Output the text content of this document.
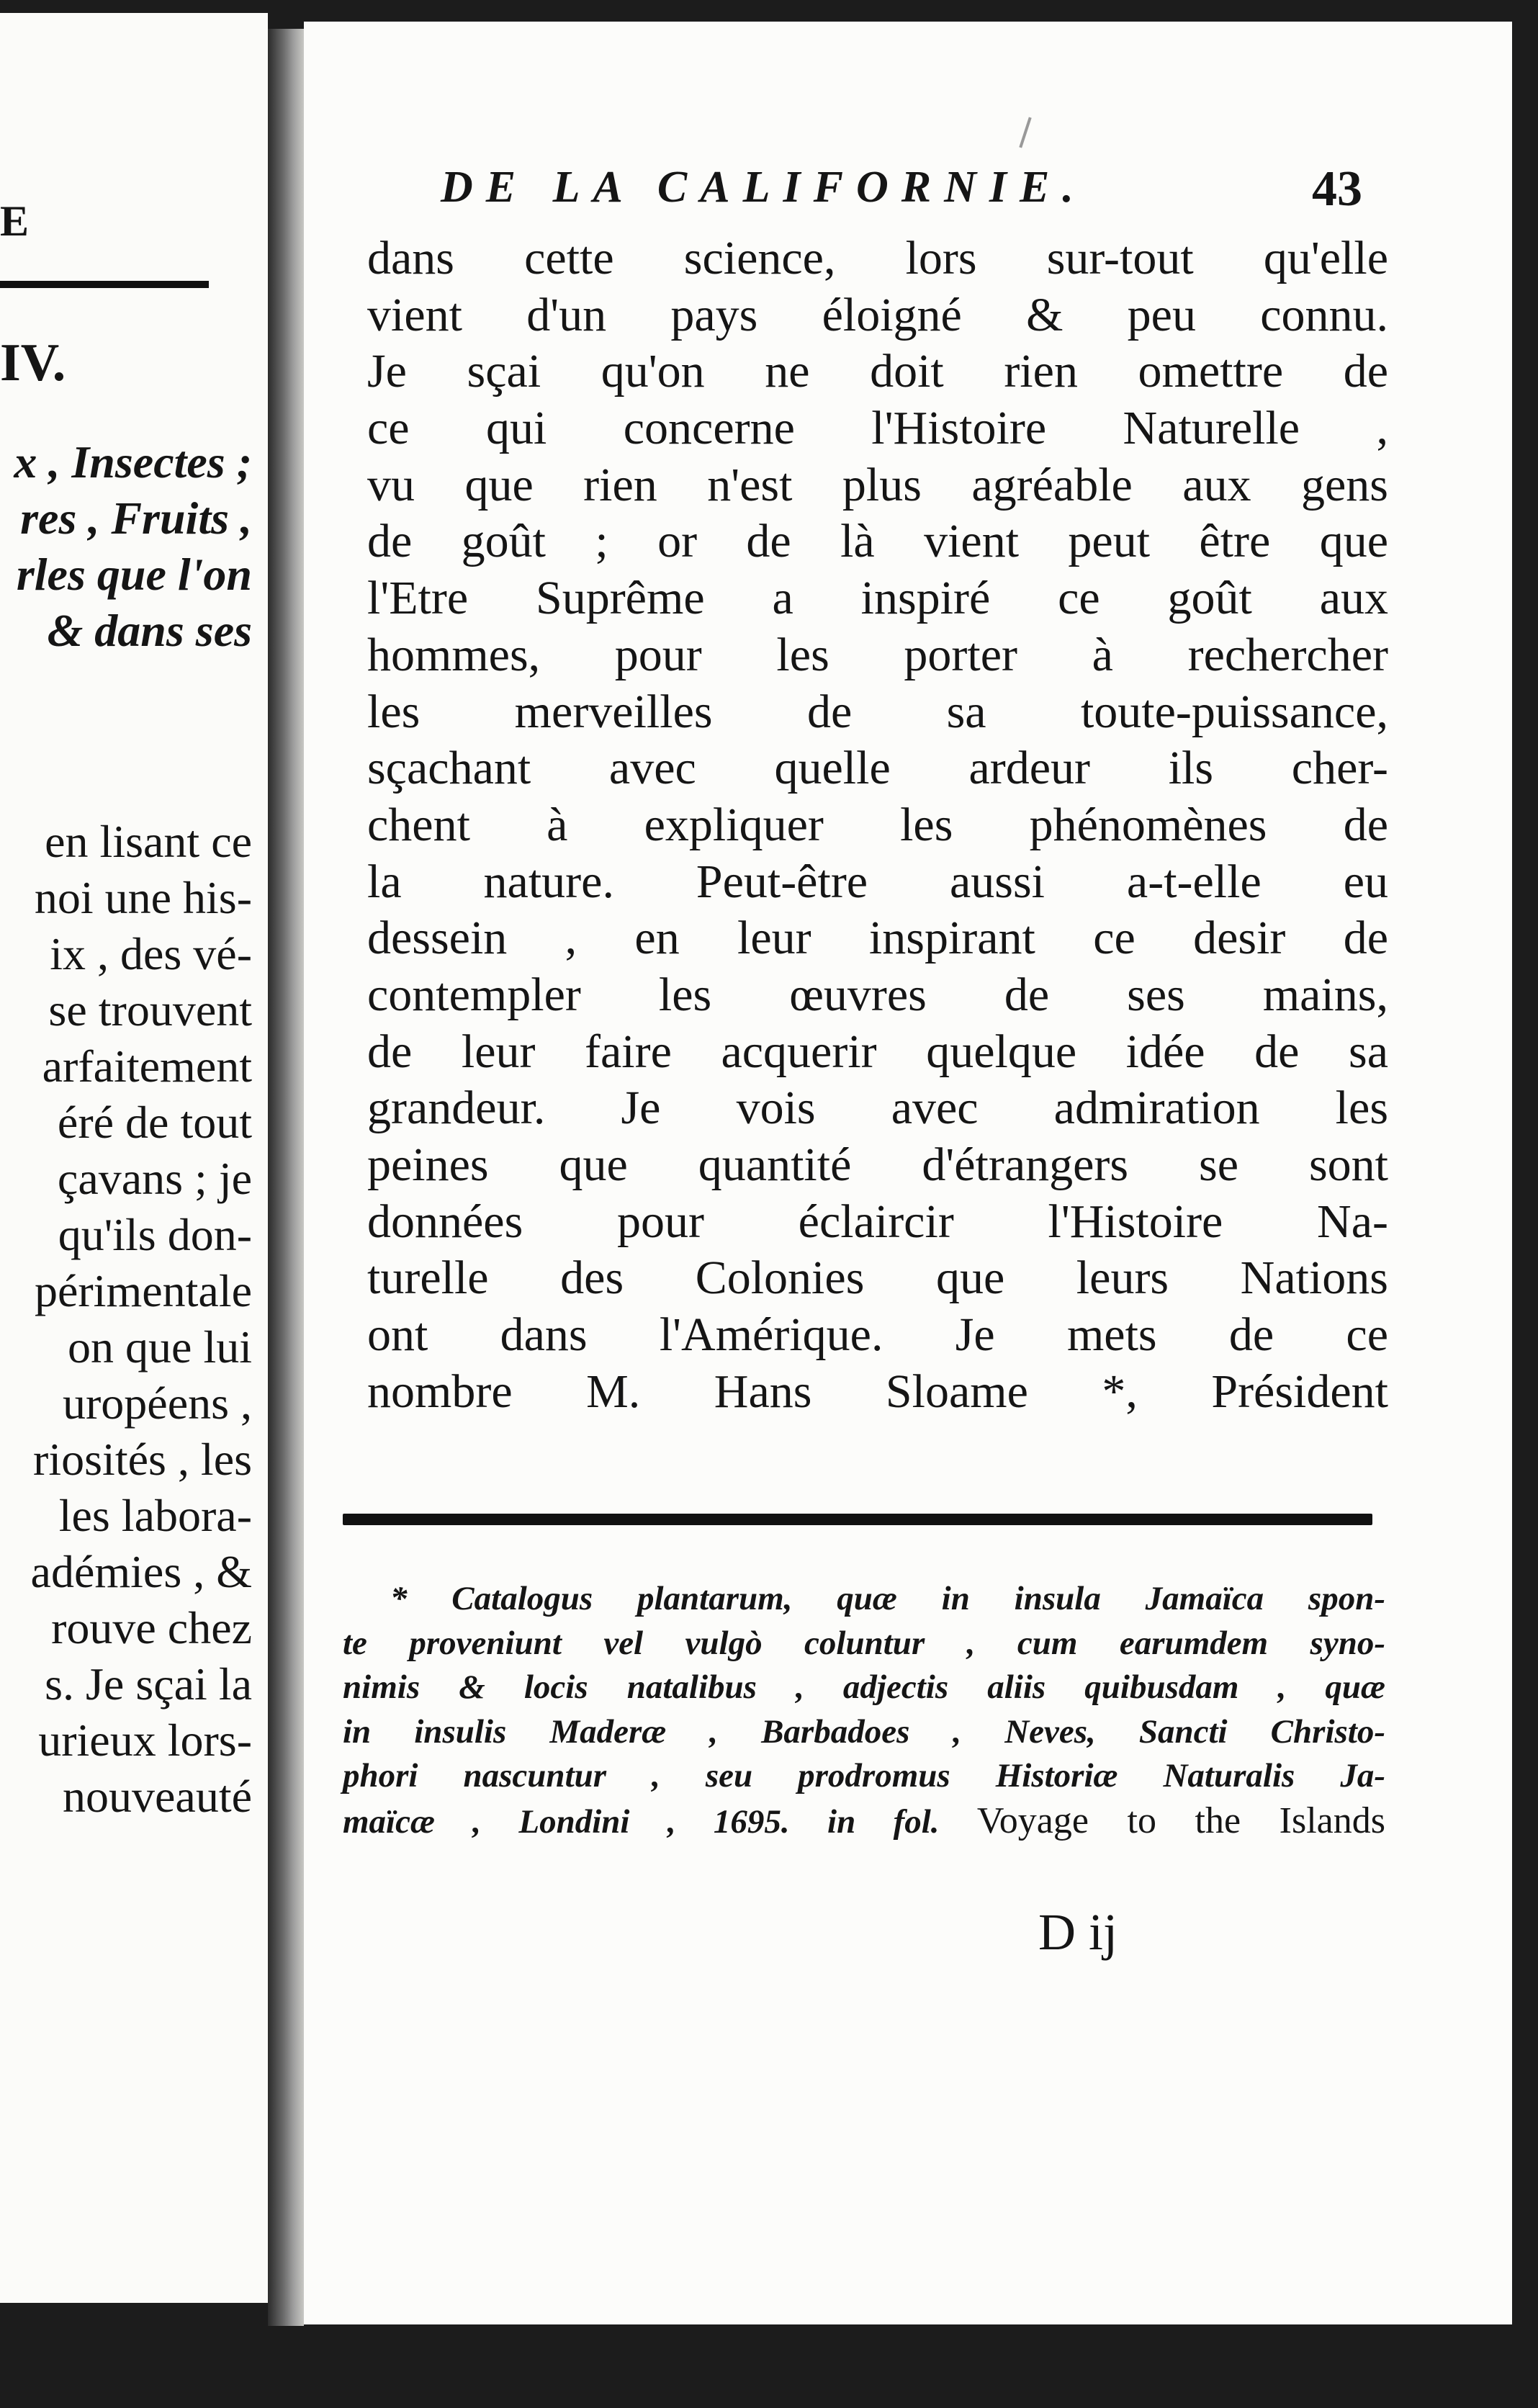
E
IV.
x , Insectes ;
res , Fruits ,
rles que l'on
& dans ses
en lisant ce
noi une his-
ix , des vé-
se trouvent
arfaitement
éré de tout
çavans ; je
qu'ils don-
périmentale
on que lui
uropéens ,
riosités , les
les labora-
adémies , &
rouve chez
s. Je sçai la
urieux lors-
nouveauté
DE LA CALIFORNIE.	43
dans cette science, lors sur-tout qu'elle
vient d'un pays éloigné & peu connu.
Je sçai qu'on ne doit rien omettre de
ce qui concerne l'Histoire Naturelle ,
vu que rien n'est plus agréable aux gens
de goût ; or de là vient peut être que
l'Etre Suprême a inspiré ce goût aux
hommes, pour les porter à rechercher
les merveilles de sa toute-puissance,
sçachant avec quelle ardeur ils cher-
chent à expliquer les phénomènes de
la nature. Peut-être aussi a-t-elle eu
dessein , en leur inspirant ce desir de
contempler les œuvres de ses mains,
de leur faire acquerir quelque idée de sa
grandeur. Je vois avec admiration les
peines que quantité d'étrangers se sont
données pour éclaircir l'Histoire Na-
turelle des Colonies que leurs Nations
ont dans l'Amérique. Je mets de ce
nombre M. Hans Sloame *, Président
* Catalogus plantarum, quæ in insula Jamaïca spon-
te proveniunt vel vulgò coluntur , cum earumdem syno-
nimis & locis natalibus , adjectis aliis quibusdam , quæ
in insulis Maderæ , Barbadoes , Neves, Sancti Christo-
phori nascuntur , seu prodromus Historiæ Naturalis Ja-
maïcæ , Londini , 1695. in fol. Voyage to the Islands
D ij
